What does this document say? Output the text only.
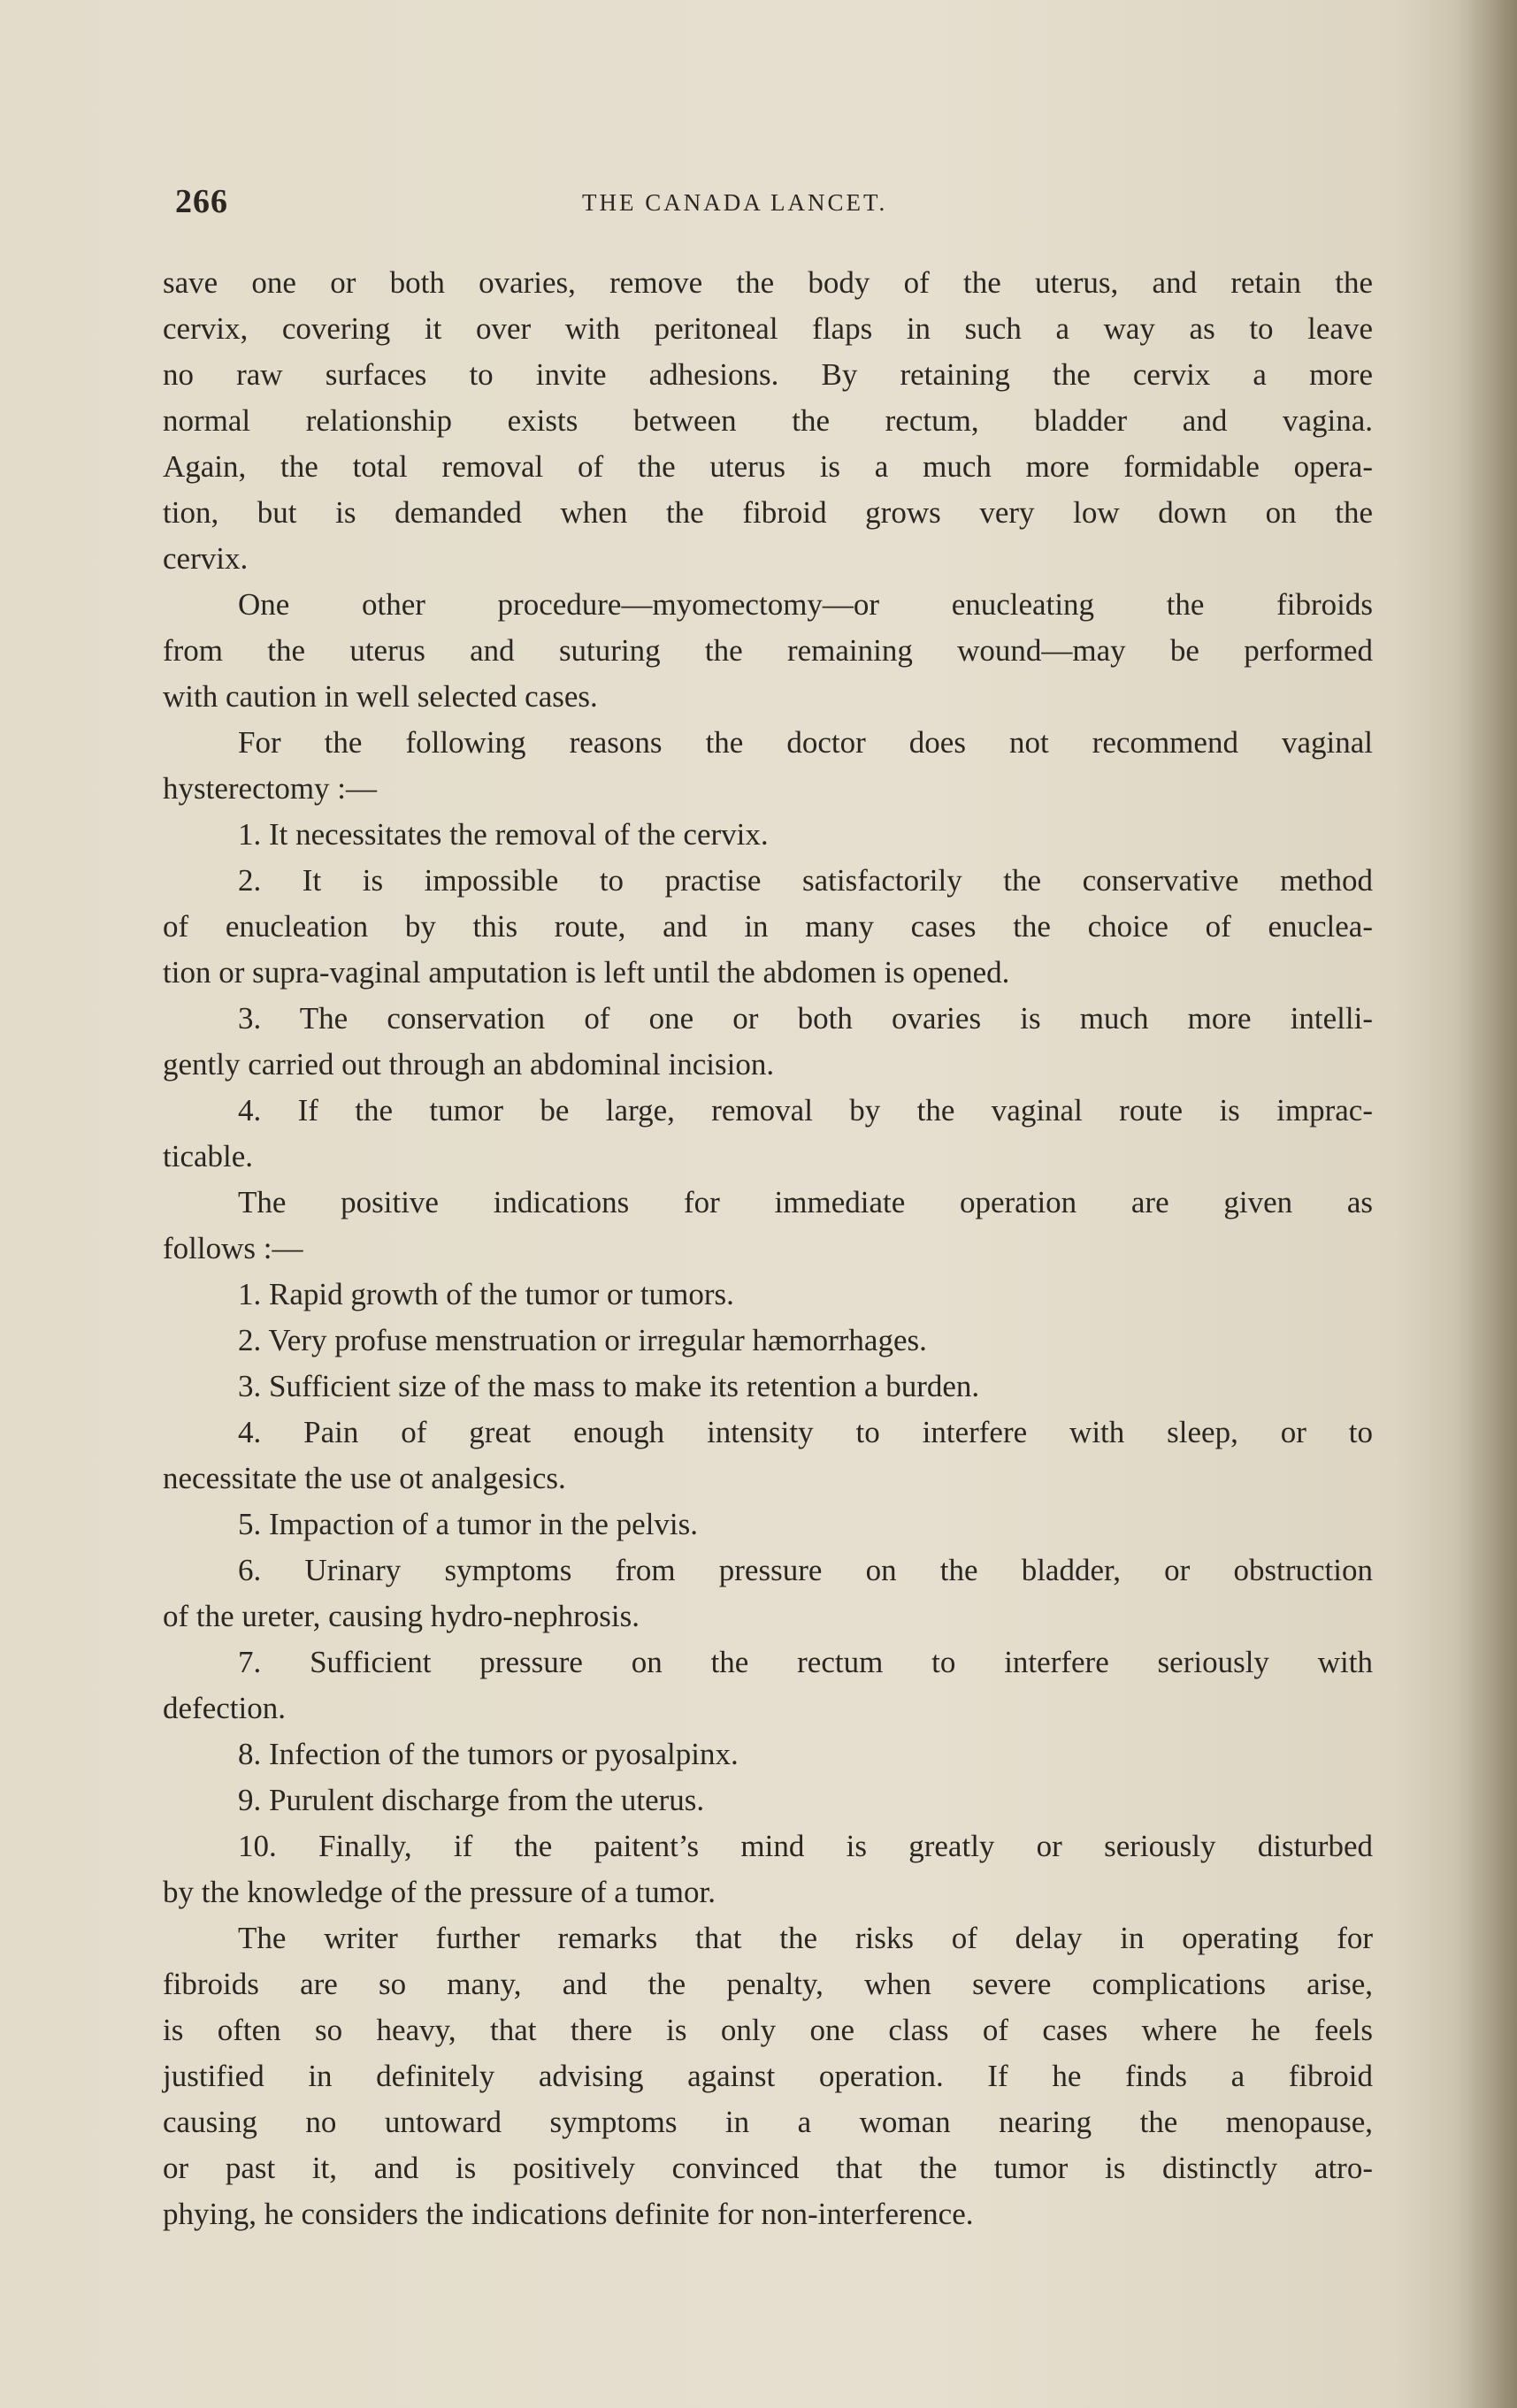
266	THE CANADA LANCET.

save one or both ovaries, remove the body of the uterus, and retain the

cervix, covering it over with peritoneal flaps in such a way as to leave

no raw surfaces to invite adhesions. By retaining the cervix a more

normal relationship exists between the rectum, bladder and vagina.

Again, the total removal of the uterus is a much more formidable opera-

tion, but is demanded when the fibroid grows very low down on the

cervix.

One other procedure—myomectomy—or enucleating the fibroids

from the uterus and suturing the remaining wound—may be performed

with caution in well selected cases.

For the following reasons the doctor does not recommend vaginal

hysterectomy :—

1. It necessitates the removal of the cervix.

2. It is impossible to practise satisfactorily the conservative method

of enucleation by this route, and in many cases the choice of enuclea-

tion or supra-vaginal amputation is left until the abdomen is opened.

3. The conservation of one or both ovaries is much more intelli-

gently carried out through an abdominal incision.

4. If the tumor be large, removal by the vaginal route is imprac-

ticable.

The positive indications for immediate operation are given as

follows :—

1. Rapid growth of the tumor or tumors.

2. Very profuse menstruation or irregular hæmorrhages.

3. Sufficient size of the mass to make its retention a burden.

4. Pain of great enough intensity to interfere with sleep, or to

necessitate the use ot analgesics.

5. Impaction of a tumor in the pelvis.

6. Urinary symptoms from pressure on the bladder, or obstruction

of the ureter, causing hydro-nephrosis.

7. Sufficient pressure on the rectum to interfere seriously with

defection.

8. Infection of the tumors or pyosalpinx.

9. Purulent discharge from the uterus.

10. Finally, if the paitent’s mind is greatly or seriously disturbed

by the knowledge of the pressure of a tumor.

The writer further remarks that the risks of delay in operating for

fibroids are so many, and the penalty, when severe complications arise,

is often so heavy, that there is only one class of cases where he feels

justified in definitely advising against operation. If he finds a fibroid

causing no untoward symptoms in a woman nearing the menopause,

or past it, and is positively convinced that the tumor is distinctly atro-

phying, he considers the indications definite for non-interference.
